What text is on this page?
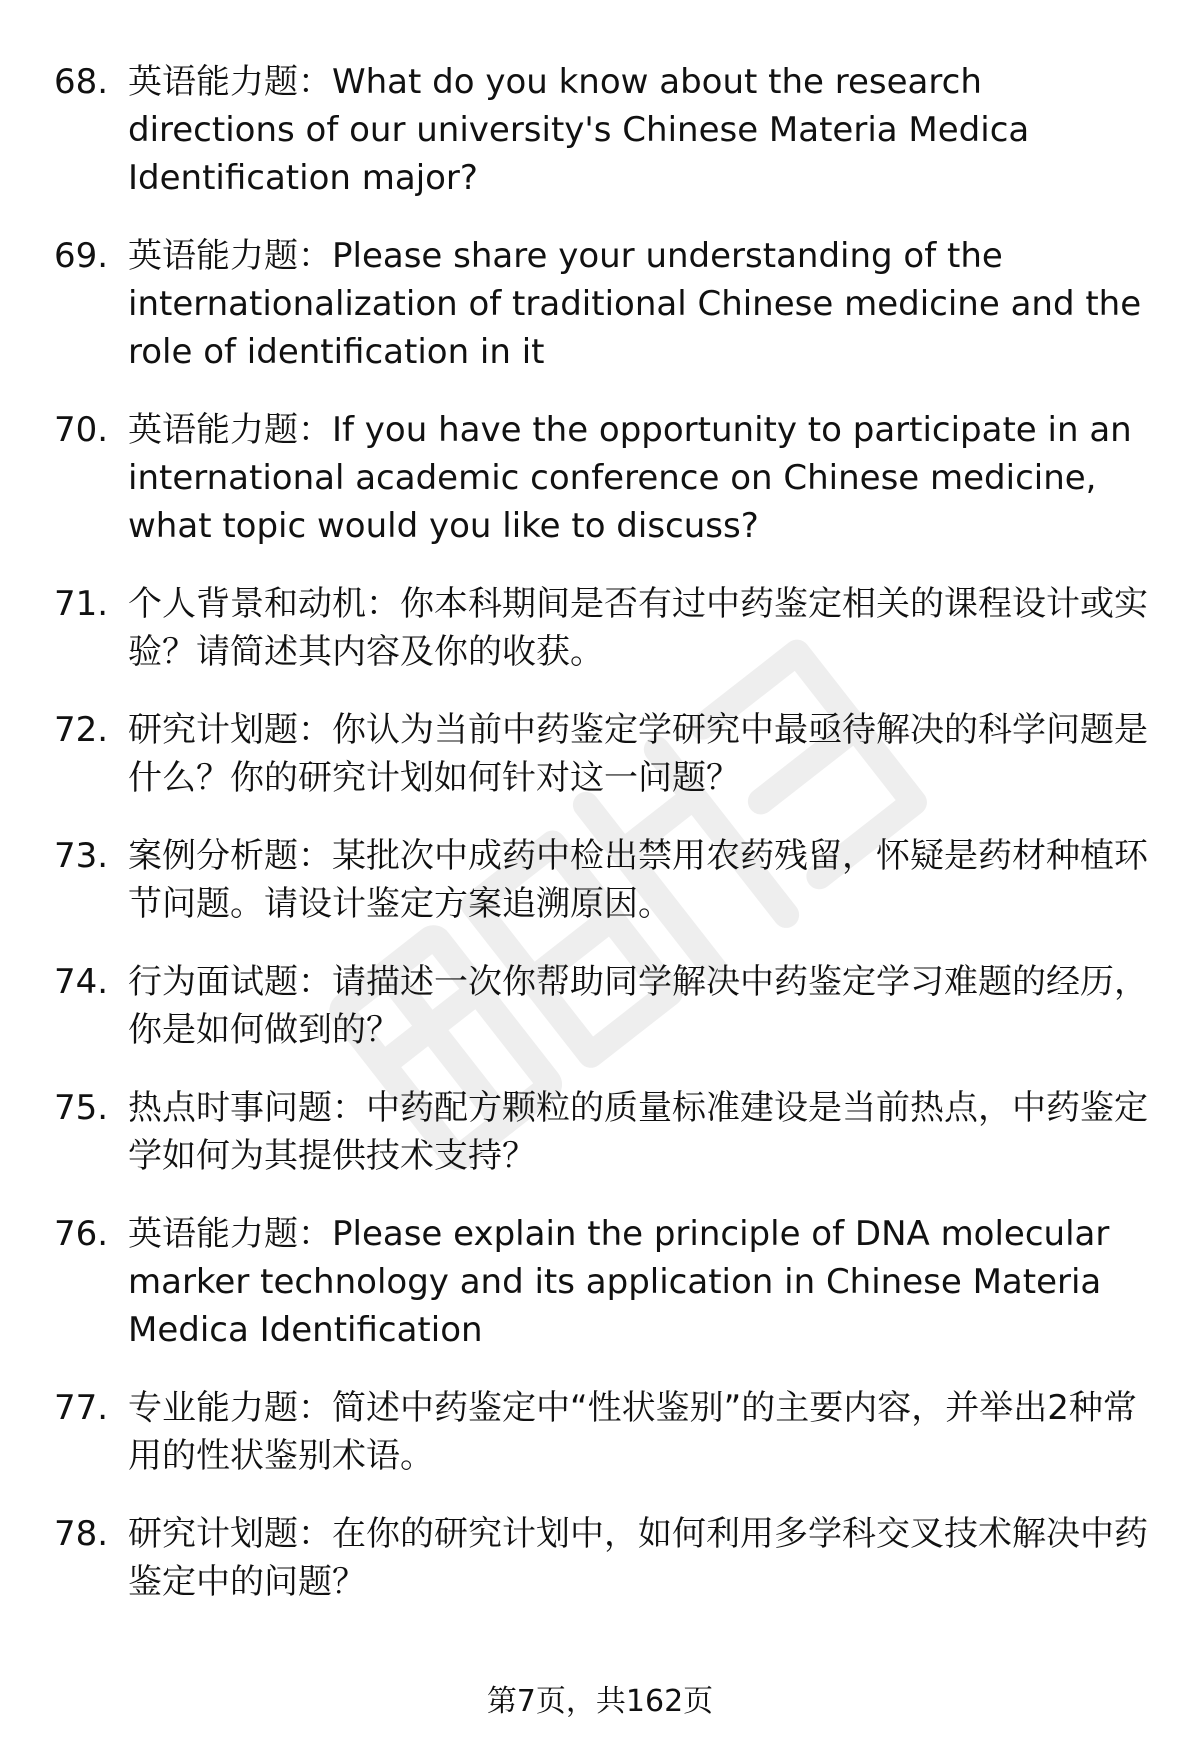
68. 英语能力题：What do you know about the research directions of our university's Chinese Materia Medica Identification major?
69. 英语能力题：Please share your understanding of the internationalization of traditional Chinese medicine and the role of identification in it
70. 英语能力题：If you have the opportunity to participate in an international academic conference on Chinese medicine, what topic would you like to discuss?
71. 个人背景和动机：你本科期间是否有过中药鉴定相关的课程设计或实验？请简述其内容及你的收获。
72. 研究计划题：你认为当前中药鉴定学研究中最亟待解决的科学问题是什么？你的研究计划如何针对这一问题？
73. 案例分析题：某批次中成药中检出禁用农药残留，怀疑是药材种植环节问题。请设计鉴定方案追溯原因。
74. 行为面试题：请描述一次你帮助同学解决中药鉴定学习难题的经历，你是如何做到的？
75. 热点时事问题：中药配方颗粒的质量标准建设是当前热点，中药鉴定学如何为其提供技术支持？
76. 英语能力题：Please explain the principle of DNA molecular marker technology and its application in Chinese Materia Medica Identification
77. 专业能力题：简述中药鉴定中“性状鉴别”的主要内容，并举出2种常用的性状鉴别术语。
78. 研究计划题：在你的研究计划中，如何利用多学科交叉技术解决中药鉴定中的问题？
第7页，共162页
